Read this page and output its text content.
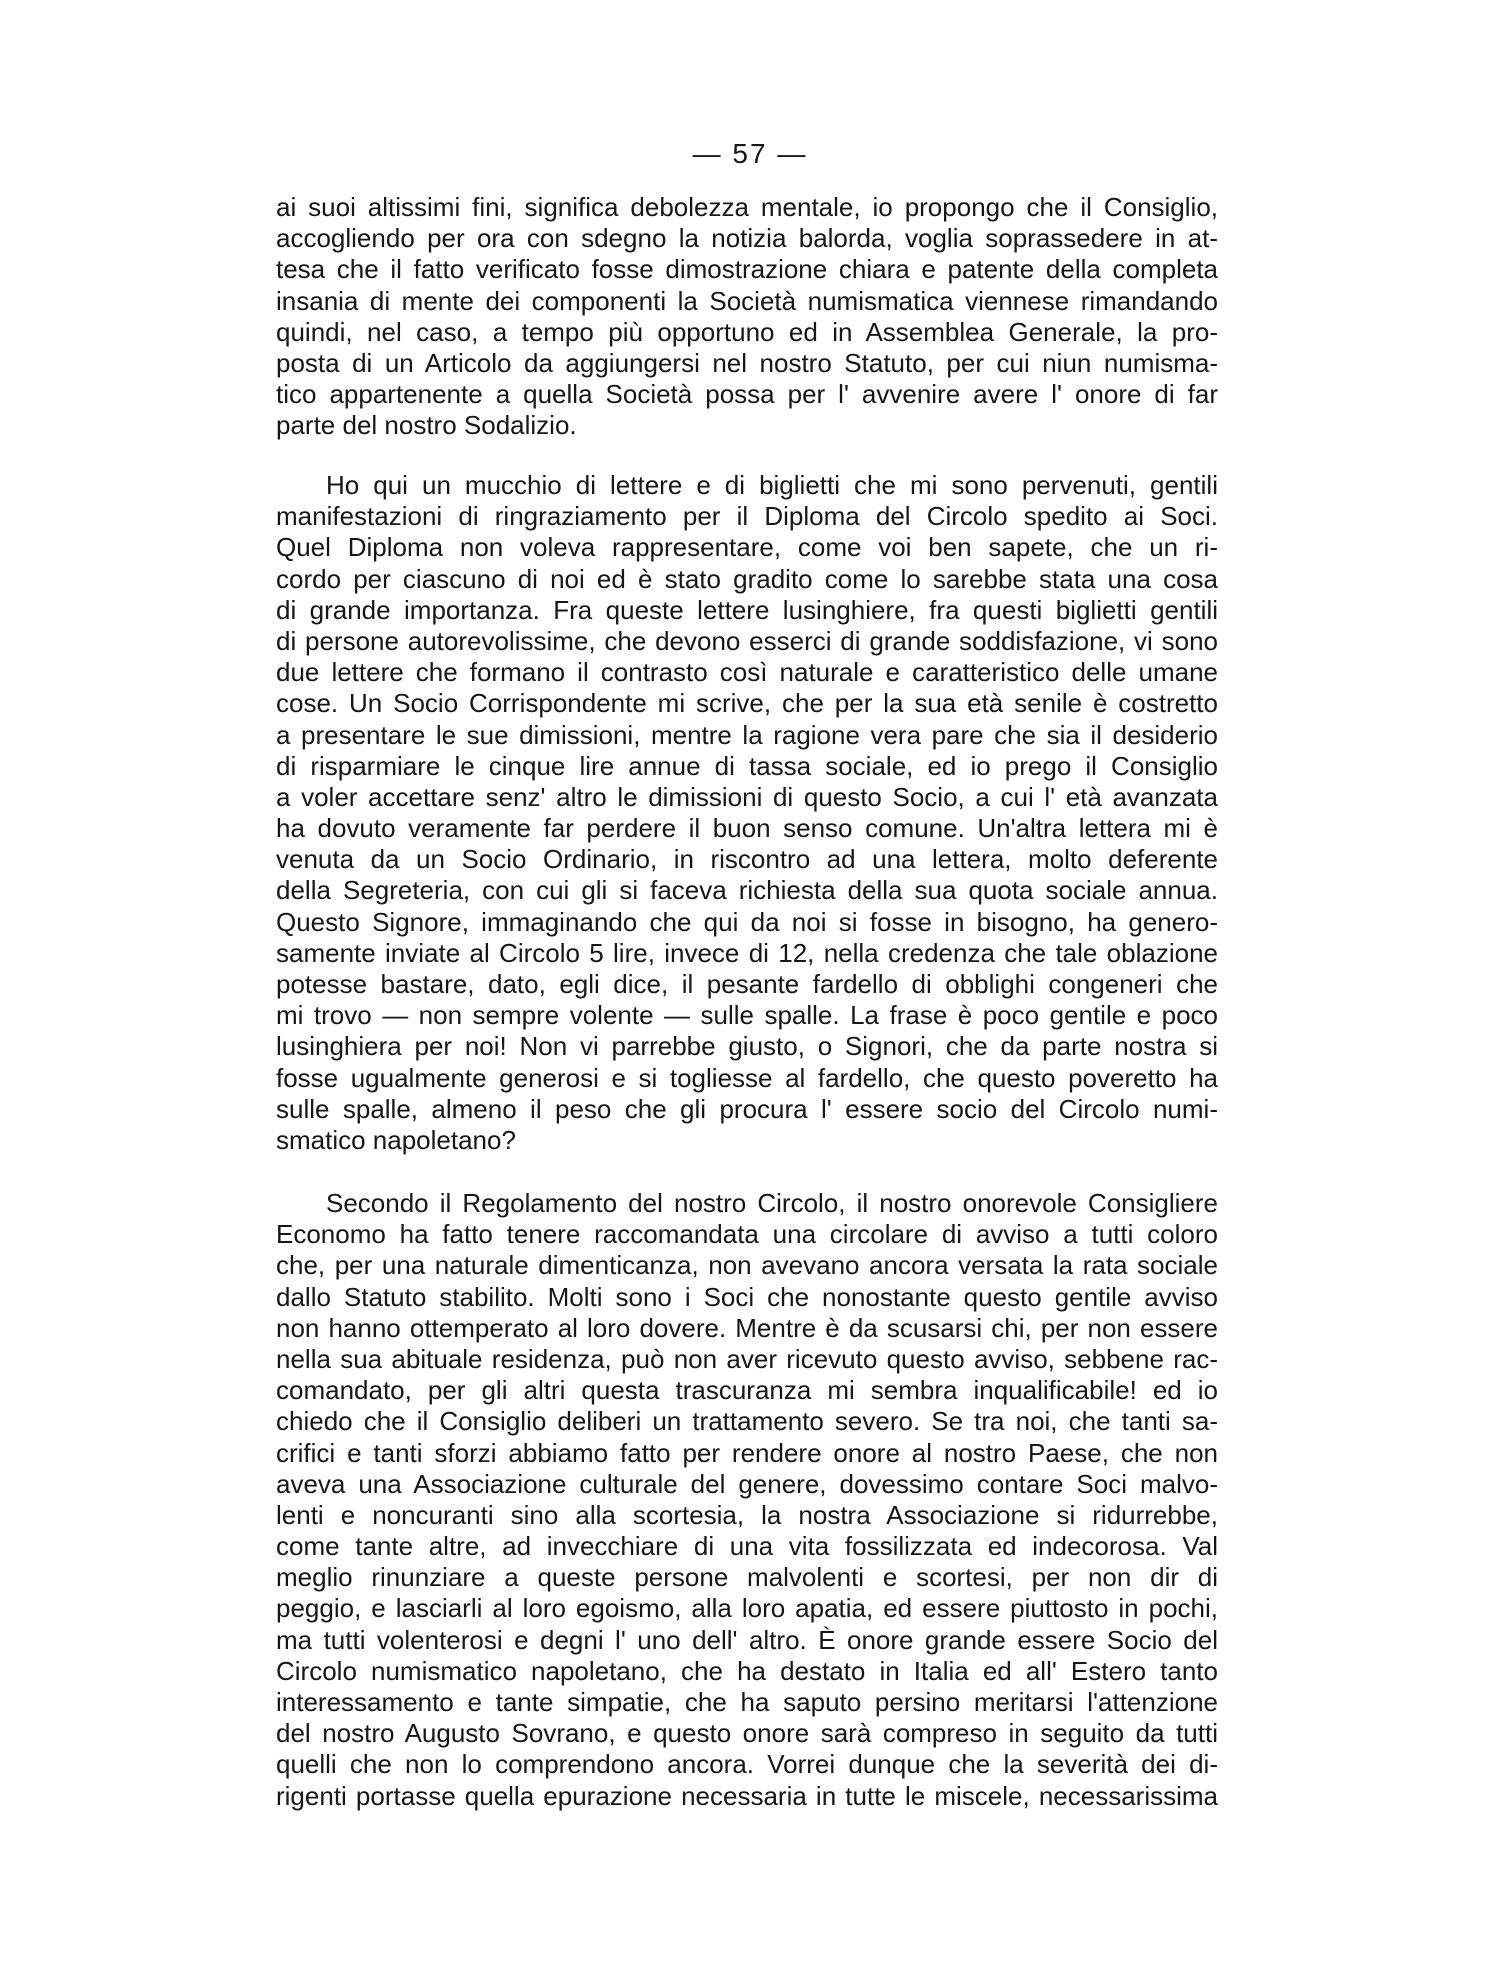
— 57 —
ai suoi altissimi fini, significa debolezza mentale, io propongo che il Consiglio,
accogliendo per ora con sdegno la notizia balorda, voglia soprassedere in at-
tesa che il fatto verificato fosse dimostrazione chiara e patente della completa
insania di mente dei componenti la Società numismatica viennese rimandando
quindi, nel caso, a tempo più opportuno ed in Assemblea Generale, la pro-
posta di un Articolo da aggiungersi nel nostro Statuto, per cui niun numisma-
tico appartenente a quella Società possa per l' avvenire avere l' onore di far
parte del nostro Sodalizio.
Ho qui un mucchio di lettere e di biglietti che mi sono pervenuti, gentili
manifestazioni di ringraziamento per il Diploma del Circolo spedito ai Soci.
Quel Diploma non voleva rappresentare, come voi ben sapete, che un ri-
cordo per ciascuno di noi ed è stato gradito come lo sarebbe stata una cosa
di grande importanza. Fra queste lettere lusinghiere, fra questi biglietti gentili
di persone autorevolissime, che devono esserci di grande soddisfazione, vi sono
due lettere che formano il contrasto così naturale e caratteristico delle umane
cose. Un Socio Corrispondente mi scrive, che per la sua età senile è costretto
a presentare le sue dimissioni, mentre la ragione vera pare che sia il desiderio
di risparmiare le cinque lire annue di tassa sociale, ed io prego il Consiglio
a voler accettare senz' altro le dimissioni di questo Socio, a cui l' età avanzata
ha dovuto veramente far perdere il buon senso comune. Un'altra lettera mi è
venuta da un Socio Ordinario, in riscontro ad una lettera, molto deferente
della Segreteria, con cui gli si faceva richiesta della sua quota sociale annua.
Questo Signore, immaginando che qui da noi si fosse in bisogno, ha genero-
samente inviate al Circolo 5 lire, invece di 12, nella credenza che tale oblazione
potesse bastare, dato, egli dice, il pesante fardello di obblighi congeneri che
mi trovo — non sempre volente — sulle spalle. La frase è poco gentile e poco
lusinghiera per noi! Non vi parrebbe giusto, o Signori, che da parte nostra si
fosse ugualmente generosi e si togliesse al fardello, che questo poveretto ha
sulle spalle, almeno il peso che gli procura l' essere socio del Circolo numi-
smatico napoletano?
Secondo il Regolamento del nostro Circolo, il nostro onorevole Consigliere
Economo ha fatto tenere raccomandata una circolare di avviso a tutti coloro
che, per una naturale dimenticanza, non avevano ancora versata la rata sociale
dallo Statuto stabilito. Molti sono i Soci che nonostante questo gentile avviso
non hanno ottemperato al loro dovere. Mentre è da scusarsi chi, per non essere
nella sua abituale residenza, può non aver ricevuto questo avviso, sebbene rac-
comandato, per gli altri questa trascuranza mi sembra inqualificabile! ed io
chiedo che il Consiglio deliberi un trattamento severo. Se tra noi, che tanti sa-
crifici e tanti sforzi abbiamo fatto per rendere onore al nostro Paese, che non
aveva una Associazione culturale del genere, dovessimo contare Soci malvo-
lenti e noncuranti sino alla scortesia, la nostra Associazione si ridurrebbe,
come tante altre, ad invecchiare di una vita fossilizzata ed indecorosa. Val
meglio rinunziare a queste persone malvolenti e scortesi, per non dir di
peggio, e lasciarli al loro egoismo, alla loro apatia, ed essere piuttosto in pochi,
ma tutti volenterosi e degni l' uno dell' altro. È onore grande essere Socio del
Circolo numismatico napoletano, che ha destato in Italia ed all' Estero tanto
interessamento e tante simpatie, che ha saputo persino meritarsi l'attenzione
del nostro Augusto Sovrano, e questo onore sarà compreso in seguito da tutti
quelli che non lo comprendono ancora. Vorrei dunque che la severità dei di-
rigenti portasse quella epurazione necessaria in tutte le miscele, necessarissima
